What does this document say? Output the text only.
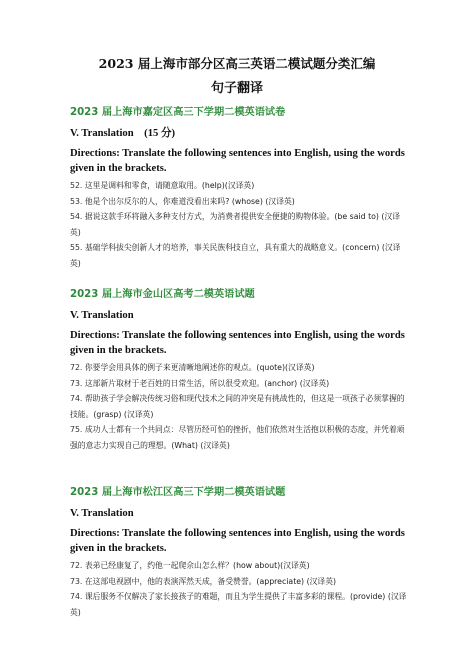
2023 届上海市部分区高三英语二模试题分类汇编
句子翻译
2023 届上海市嘉定区高三下学期二模英语试卷
V. Translation　(15 分)
Directions: Translate the following sentences into English, using the words given in the brackets.
52. 这里是调料和零食，请随意取用。(help)(汉译英)
53. 他是个出尔反尔的人，你难道没看出来吗? (whose) (汉译英)
54. 据说这款手环将融入多种支付方式，为消费者提供安全便捷的购物体验。(be said to) (汉译英)
55. 基础学科拔尖创新人才的培养，事关民族科技自立，具有重大的战略意义。(concern) (汉译英)
2023 届上海市金山区高考二模英语试题
V. Translation
Directions: Translate the following sentences into English, using the words given in the brackets.
72. 你要学会用具体的例子来更清晰地阐述你的观点。(quote)(汉译英)
73. 这部新片取材于老百姓的日常生活，所以很受欢迎。(anchor) (汉译英)
74. 帮助孩子学会解决传统习俗和现代技术之间的冲突是有挑战性的，但这是一项孩子必须掌握的技能。(grasp) (汉译英)
75. 成功人士都有一个共同点：尽管历经可怕的挫折，他们依然对生活抱以积极的态度，并凭着顽强的意志力实现自己的理想。(What) (汉译英)
2023 届上海市松江区高三下学期二模英语试题
V. Translation
Directions: Translate the following sentences into English, using the words given in the brackets.
72. 表弟已经康复了，约他一起爬佘山怎么样？(how about)(汉译英)
73. 在这部电视剧中，他的表演浑然天成，备受赞誉。(appreciate) (汉译英)
74. 课后服务不仅解决了家长接孩子的难题，而且为学生提供了丰富多彩的课程。(provide) (汉译英)
